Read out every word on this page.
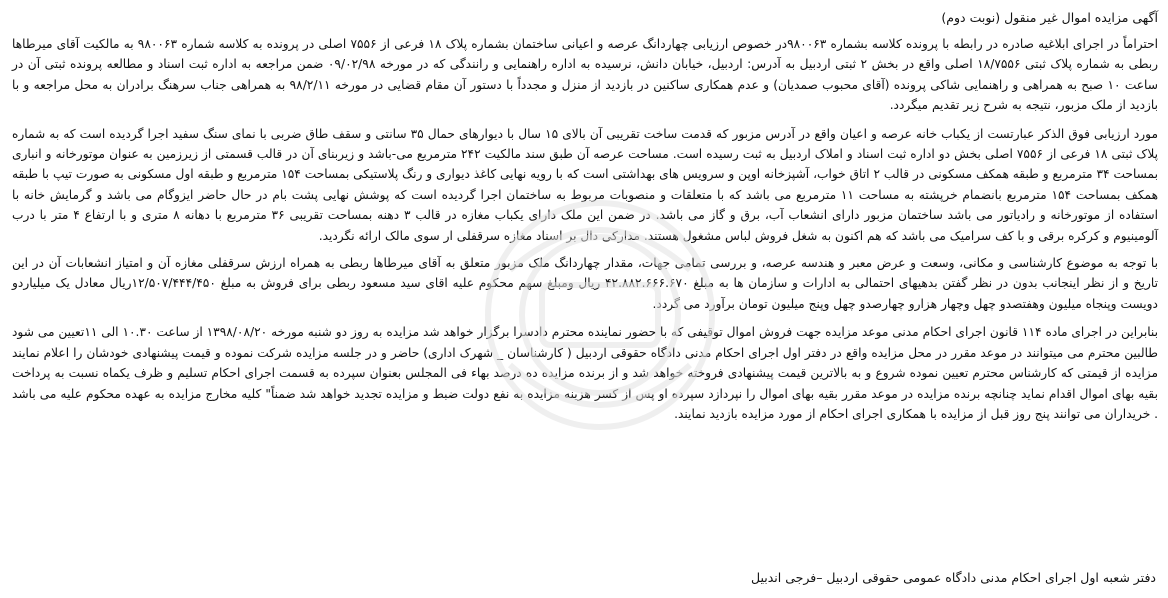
آگهی مزایده اموال غیر منقول (نوبت دوم)

احتراماً در اجرای ابلاغیه صادره در رابطه با پرونده کلاسه بشماره ۹۸۰۰۶۳در خصوص ارزیابی چهاردانگ عرصه و اعیانی ساختمان بشماره پلاک ۱۸ فرعی از ۷۵۵۶ اصلی در پرونده به کلاسه شماره ۹۸۰۰۶۳ به مالکیت آقای میرطاها ربطی به شماره پلاک ثبتی ۱۸/۷۵۵۶ اصلی واقع در بخش ۲ ثبتی اردبیل به آدرس: اردبیل، خیابان دانش، نرسیده به اداره راهنمایی و رانندگی که در مورخه ۰۹/۰۲/۹۸ ضمن مراجعه به اداره ثبت اسناد و مطالعه پرونده ثبتی آن در ساعت ۱۰ صبح به همراهی و راهنمایی شاکی پرونده (آقای محبوب صمدیان) و عدم همکاری ساکنین در بازدید از منزل و مجدداً با دستور آن مقام قضایی در مورخه ۹۸/۲/۱۱ به همراهی جناب سرهنگ برادران به محل مراجعه و با بازدید از ملک مزبور، نتیجه به شرح زیر تقدیم میگردد.

مورد ارزیابی فوق الذکر عبارتست از یکباب خانه عرصه و اعیان واقع در آدرس مزبور که قدمت ساخت تقریبی آن بالای ۱۵ سال با دیوارهای حمال ۳۵ سانتی و سقف طاق ضربی با نمای سنگ سفید اجرا گردیده است که به شماره پلاک ثبتی ۱۸ فرعی از ۷۵۵۶ اصلی بخش دو اداره ثبت اسناد و املاک اردبیل به ثبت رسیده است. مساحت عرصه آن طبق سند مالکیت ۲۴۲ مترمربع می-باشد و زیربنای آن در قالب قسمتی از زیرزمین به عنوان موتورخانه و انباری بمساحت ۳۴ مترمربع و طبقه همکف مسکونی در قالب ۲ اتاق خواب، آشپزخانه اوپن و سرویس های بهداشتی است که با رویه نهایی کاغذ دیواری و رنگ پلاستیکی بمساحت ۱۵۴ مترمربع و طبقه اول مسکونی به صورت تیپ با طبقه همکف بمساحت ۱۵۴ مترمربع بانضمام خرپشته به مساحت ۱۱ مترمربع می باشد که با متعلقات و منصوبات مربوط به ساختمان اجرا گردیده است که پوشش نهایی پشت بام در حال حاضر ایزوگام می باشد و گرمایش خانه با استفاده از موتورخانه و رادیاتور می باشد ساختمان مزبور دارای انشعاب آب، برق و گاز می باشد. در ضمن این ملک دارای یکباب مغازه در قالب ۳ دهنه بمساحت تقریبی ۳۶ مترمربع با دهانه ۸ متری و با ارتفاع ۴ متر با درب آلومینیوم و کرکره برقی و با کف سرامیک می باشد که هم اکنون به شغل فروش لباس مشغول هستند. مدارکی دال بر اسناد مغازه سرقفلی ار سوی مالک ارائه نگردید.

با توجه به موضوع کارشناسی و مکانی، وسعت و عرض معبر و هندسه عرصه، و بررسی تمامی جهات، مقدار چهاردانگ ملک مزبور متعلق به آقای میرطاها ربطی به همراه ارزش سرقفلی مغازه آن و امتیاز انشعابات آن در این تاریخ و از نظر اینجانب بدون در نظر گفتن بدهیهای احتمالی به ادارات و سازمان ها به مبلغ ۴۲.۸۸۲.۶۶۶.۶۷۰ ریال ومبلغ سهم محکوم علیه اقای سید مسعود ربطی برای فروش به مبلغ ۱۲/۵۰۷/۴۴۴/۴۵۰ریال معادل یک میلیاردو دویست وپنجاه میلیون وهفتصدو چهل وچهار هزارو چهارصدو چهل وپنج میلیون تومان برآورد می گردد.

بنابراین در اجرای ماده ۱۱۴ قانون اجرای احکام مدنی موعد مزایده جهت فروش اموال توقیفی که با حضور نماینده محترم دادسرا برگزار خواهد شد مزایده به روز دو شنبه مورخه ۱۳۹۸/۰۸/۲۰ از ساعت ۱۰.۳۰ الی ۱۱تعیین می شود طالبین محترم می میتوانند در موعد مقرر در محل مزایده واقع در دفتر اول اجرای احکام مدنی دادگاه حقوقی اردبیل ( کارشناسان _ شهرک اداری) حاضر و در جلسه مزایده شرکت نموده و قیمت پیشنهادی خودشان را اعلام نمایند مزایده از قیمتی که کارشناس محترم تعیین نموده شروع و به بالاترین قیمت پیشنهادی فروخته خواهد شد و از برنده مزایده ده درصد بهاء فی المجلس بعنوان سپرده به قسمت اجرای احکام تسلیم و ظرف یکماه نسبت به پرداخت بقیه بهای اموال اقدام نماید چنانچه برنده مزایده در موعد مقرر بقیه بهای اموال را نپردازد سپرده او پس از کسر هزینه مزایده به نفع دولت ضبط و مزایده تجدید خواهد شد ضمناً" کلیه مخارج مزایده به عهده محکوم علیه می باشد . خریداران می توانند پنج روز قبل از مزایده با همکاری اجرای احکام از مورد مزایده بازدید نمایند.

دفتر شعبه اول اجرای احکام مدنی دادگاه عمومی حقوقی اردبیل –فرجی اندبیل
